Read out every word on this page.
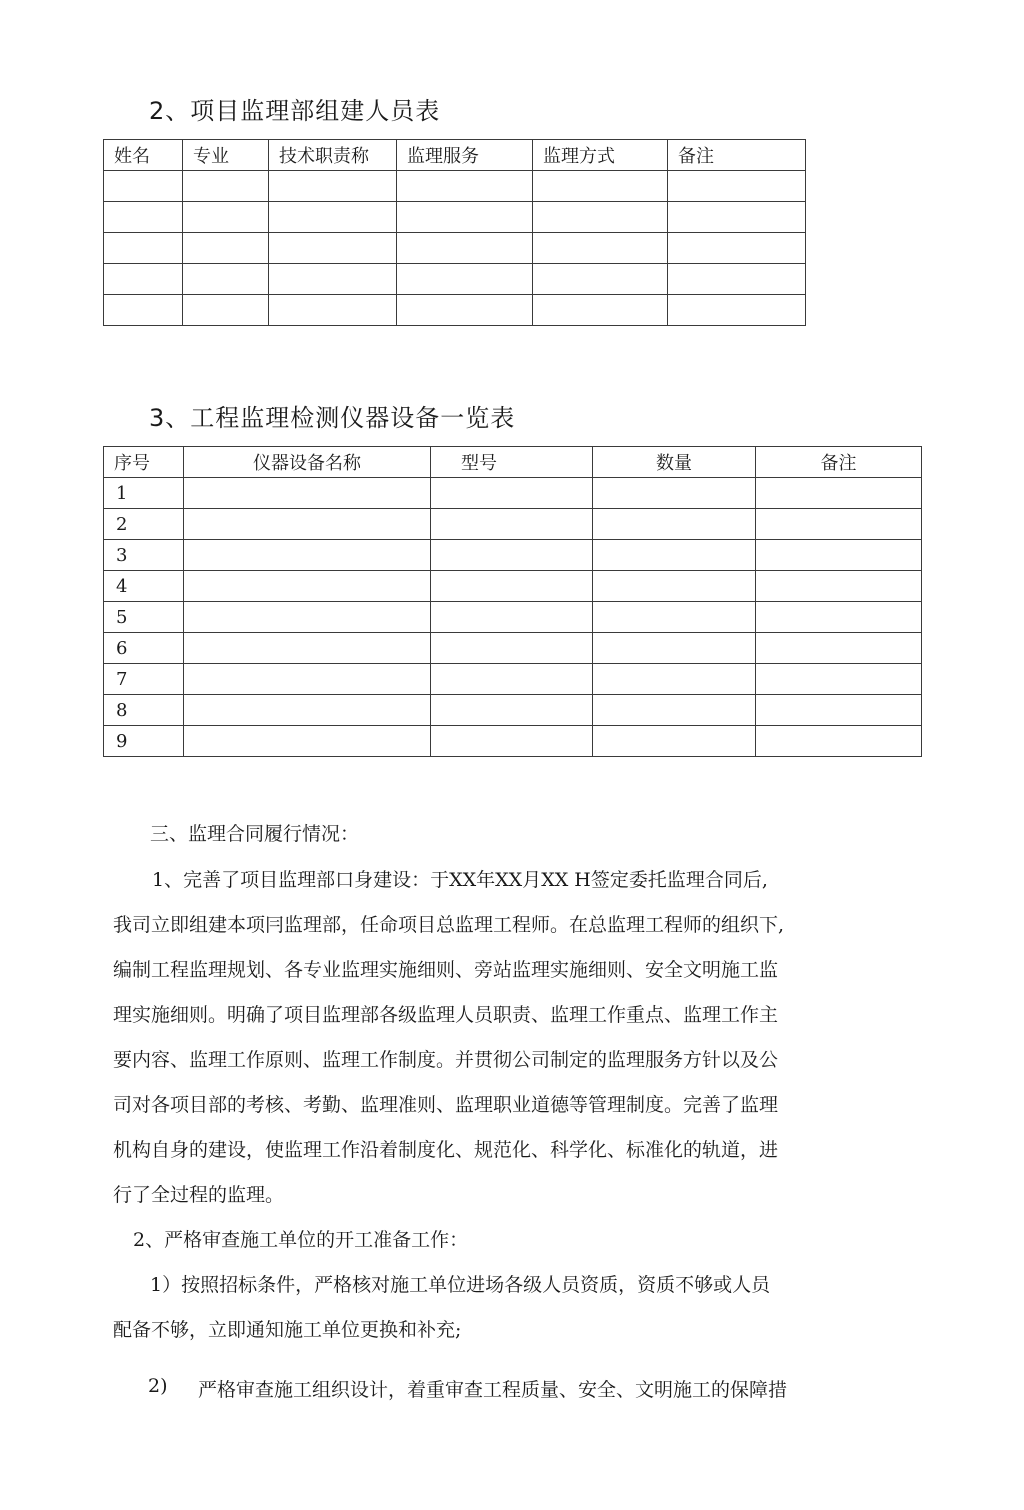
2、项目监理部组建人员表
姓名	专业	技术职责称	监理服务	监理方式	备注

3、工程监理检测仪器设备一览表
序号	仪器设备名称	型号	数量	备注
1				
2				
3				
4				
5				
6				
7				
8				
9				
三、监理合同履行情况：
1、完善了项目监理部口身建设：于XX年XX月XX H签定委托监理合同后,
我司立即组建本项冃监理部，任命项目总监理工程师。在总监理工程师的组织下,
编制工程监理规划、各专业监理实施细则、旁站监理实施细则、安全文明施工监
理实施细则。明确了项目监理部各级监理人员职责、监理工作重点、监理工作主
要内容、监理工作原则、监理工作制度。并贯彻公司制定的监理服务方针以及公
司对各项目部的考核、考勤、监理准则、监理职业道德等管理制度。完善了监理
机构自身的建设，使监理工作沿着制度化、规范化、科学化、标准化的轨道，进
行了全过程的监理。
2、严格审查施工单位的开工准备工作：
1）按照招标条件，严格核对施工单位进场各级人员资质，资质不够或人员
配备不够，立即通知施工单位更换和补充;
2) 严格审查施工组织设计，着重审查工程质量、安全、文明施工的保障措
